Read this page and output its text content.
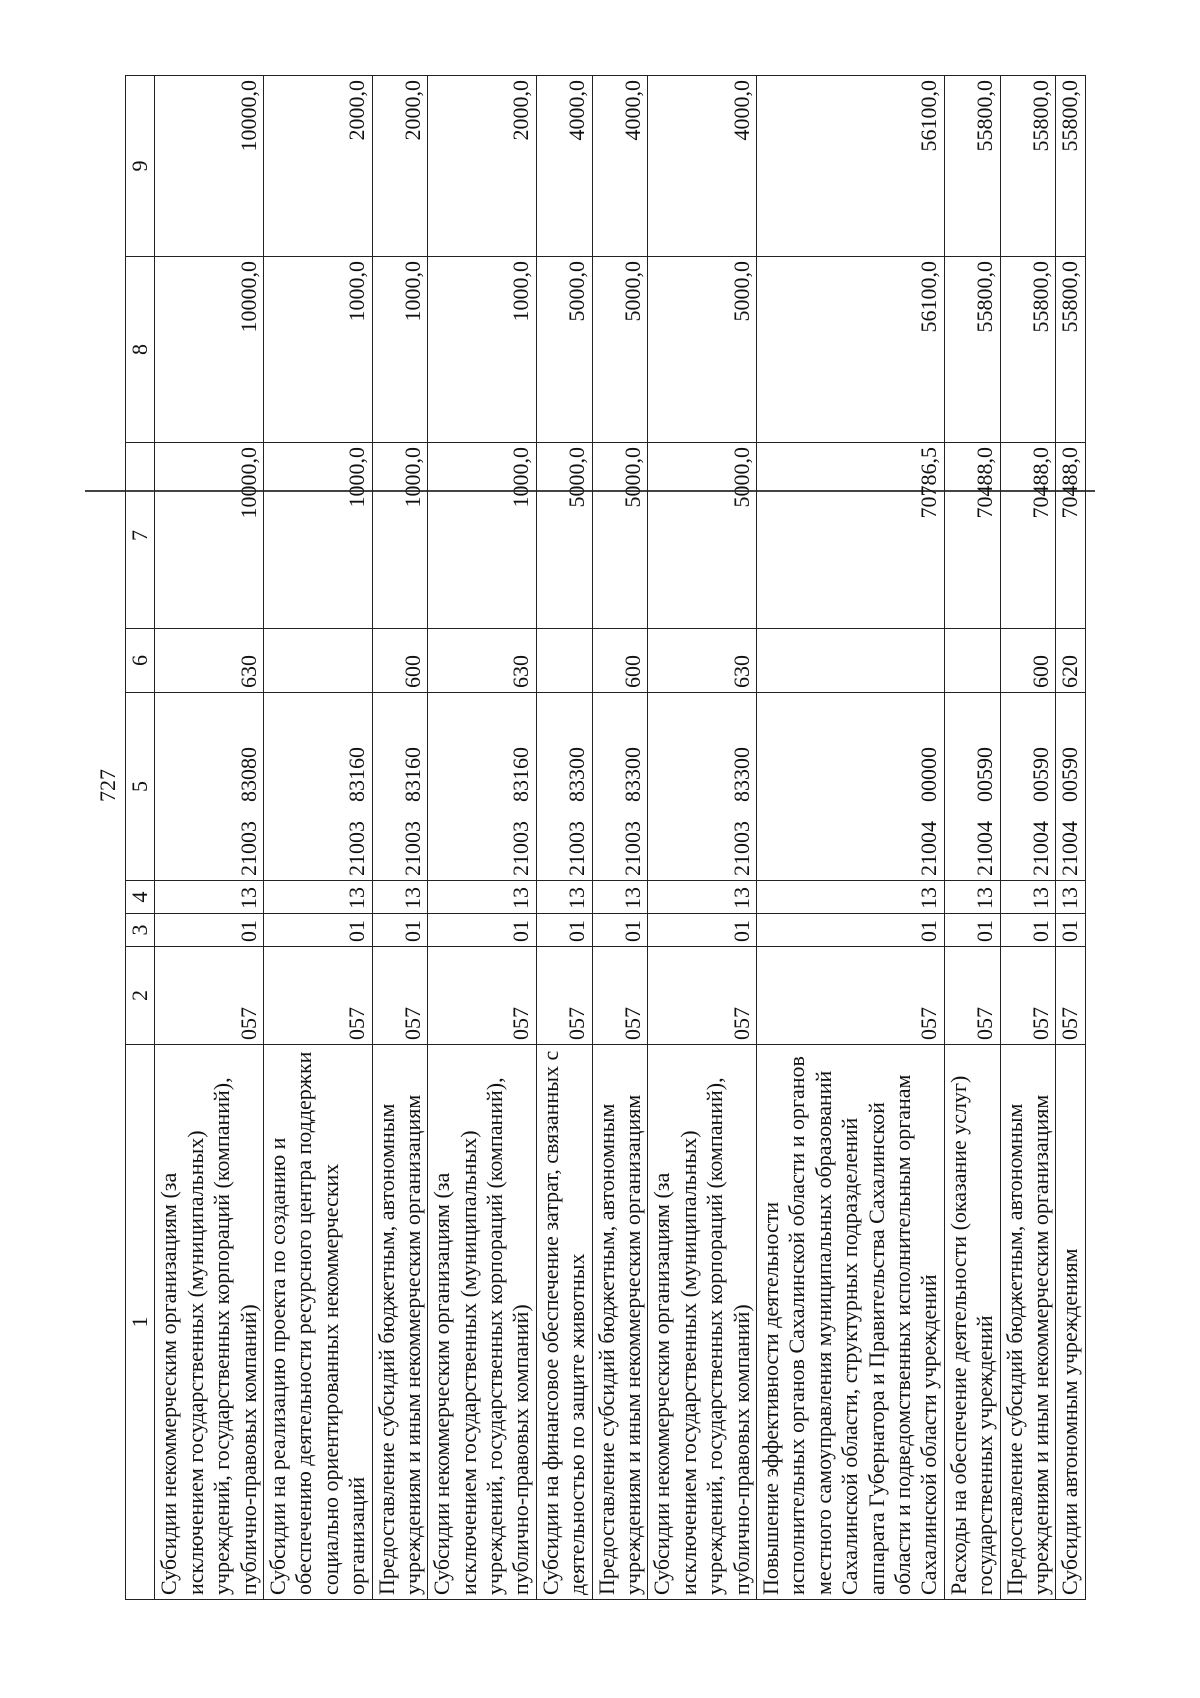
727
1	2	3	4	5	6	7	8	9
Субсидии некоммерческим организациям (за исключением государственных (муниципальных) учреждений, государственных корпораций (компаний), публично-правовых компаний)	057	01	13	2100383080	630	10000,0	10000,0	10000,0
Субсидии на реализацию проекта по созданию и обеспечению деятельности ресурсного центра поддержки социально ориентированных некоммерческих организаций	057	01	13	2100383160		1000,0	1000,0	2000,0
Предоставление субсидий бюджетным, автономным учреждениям и иным некоммерческим организациям	057	01	13	2100383160	600	1000,0	1000,0	2000,0
Субсидии некоммерческим организациям (за исключением государственных (муниципальных) учреждений, государственных корпораций (компаний), публично-правовых компаний)	057	01	13	2100383160	630	1000,0	1000,0	2000,0
Субсидии на финансовое обеспечение затрат, связанных с деятельностью по защите животных	057	01	13	2100383300		5000,0	5000,0	4000,0
Предоставление субсидий бюджетным, автономным учреждениям и иным некоммерческим организациям	057	01	13	2100383300	600	5000,0	5000,0	4000,0
Субсидии некоммерческим организациям (за исключением государственных (муниципальных) учреждений, государственных корпораций (компаний), публично-правовых компаний)	057	01	13	2100383300	630	5000,0	5000,0	4000,0
Повышение эффективности деятельности исполнительных органов Сахалинской области и органов местного самоуправления муниципальных образований Сахалинской области, структурных подразделений аппарата Губернатора и Правительства Сахалинской области и подведомственных исполнительным органам Сахалинской области учреждений	057	01	13	2100400000		70786,5	56100,0	56100,0
Расходы на обеспечение деятельности (оказание услуг) государственных учреждений	057	01	13	2100400590		70488,0	55800,0	55800,0
Предоставление субсидий бюджетным, автономным учреждениям и иным некоммерческим организациям	057	01	13	2100400590	600	70488,0	55800,0	55800,0
Субсидии автономным учреждениям	057	01	13	2100400590	620	70488,0	55800,0	55800,0
